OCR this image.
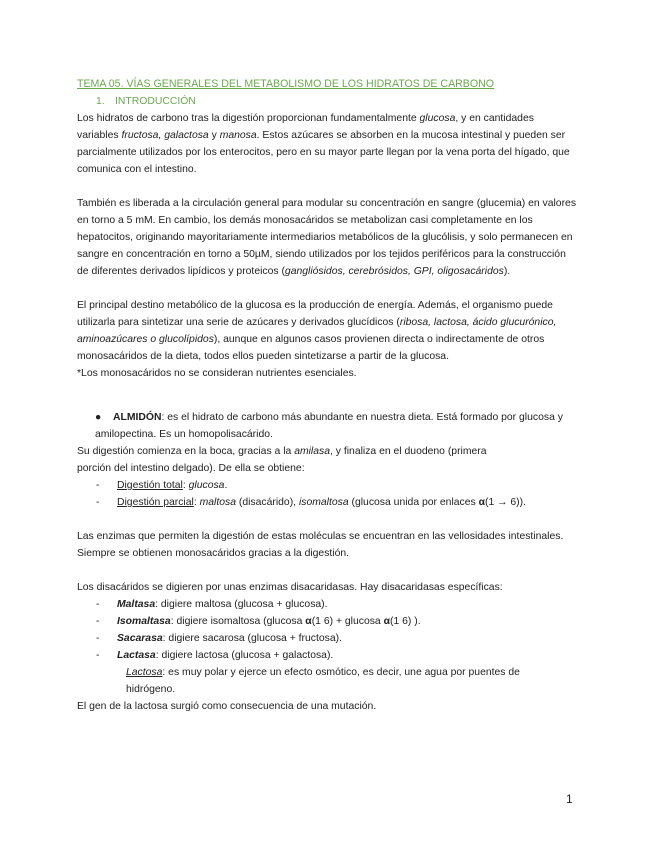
TEMA 05. VÍAS GENERALES DEL METABOLISMO DE LOS HIDRATOS DE CARBONO

1. INTRODUCCIÓN

Los hidratos de carbono tras la digestión proporcionan fundamentalmente glucosa, y en cantidades variables fructosa, galactosa y manosa. Estos azúcares se absorben en la mucosa intestinal y pueden ser parcialmente utilizados por los enterocitos, pero en su mayor parte llegan por la vena porta del hígado, que comunica con el intestino.

También es liberada a la circulación general para modular su concentración en sangre (glucemia) en valores en torno a 5 mM. En cambio, los demás monosacáridos se metabolizan casi completamente en los hepatocitos, originando mayoritariamente intermediarios metabólicos de la glucólisis, y solo permanecen en sangre en concentración en torno a 50µM, siendo utilizados por los tejidos periféricos para la construcción de diferentes derivados lipídicos y proteicos (gangliósidos, cerebrósidos, GPI, oligosacáridos).

El principal destino metabólico de la glucosa es la producción de energía. Además, el organismo puede utilizarla para sintetizar una serie de azúcares y derivados glucídicos (ribosa, lactosa, ácido glucurónico, aminoazúcares o glucolípidos), aunque en algunos casos provienen directa o indirectamente de otros monosacáridos de la dieta, todos ellos pueden sintetizarse a partir de la glucosa.

*Los monosacáridos no se consideran nutrientes esenciales.

● ALMIDÓN: es el hidrato de carbono más abundante en nuestra dieta. Está formado por glucosa y amilopectina. Es un homopolisacárido.

Su digestión comienza en la boca, gracias a la amilasa, y finaliza en el duodeno (primera

porción del intestino delgado). De ella se obtiene:

-	Digestión total: glucosa.
-	Digestión parcial: maltosa (disacárido), isomaltosa (glucosa unida por enlaces α(1 → 6)).

Las enzimas que permiten la digestión de estas moléculas se encuentran en las vellosidades intestinales.

Siempre se obtienen monosacáridos gracias a la digestión.

Los disacáridos se digieren por unas enzimas disacaridasas. Hay disacaridasas específicas:

-	Maltasa: digiere maltosa (glucosa + glucosa).
-	Isomaltasa: digiere isomaltosa (glucosa α(1 6) + glucosa α(1 6) ).
-	Sacarasa: digiere sacarosa (glucosa + fructosa).
-	Lactasa: digiere lactosa (glucosa + galactosa).

Lactosa: es muy polar y ejerce un efecto osmótico, es decir, une agua por puentes de hidrógeno.

El gen de la lactosa surgió como consecuencia de una mutación.

1
